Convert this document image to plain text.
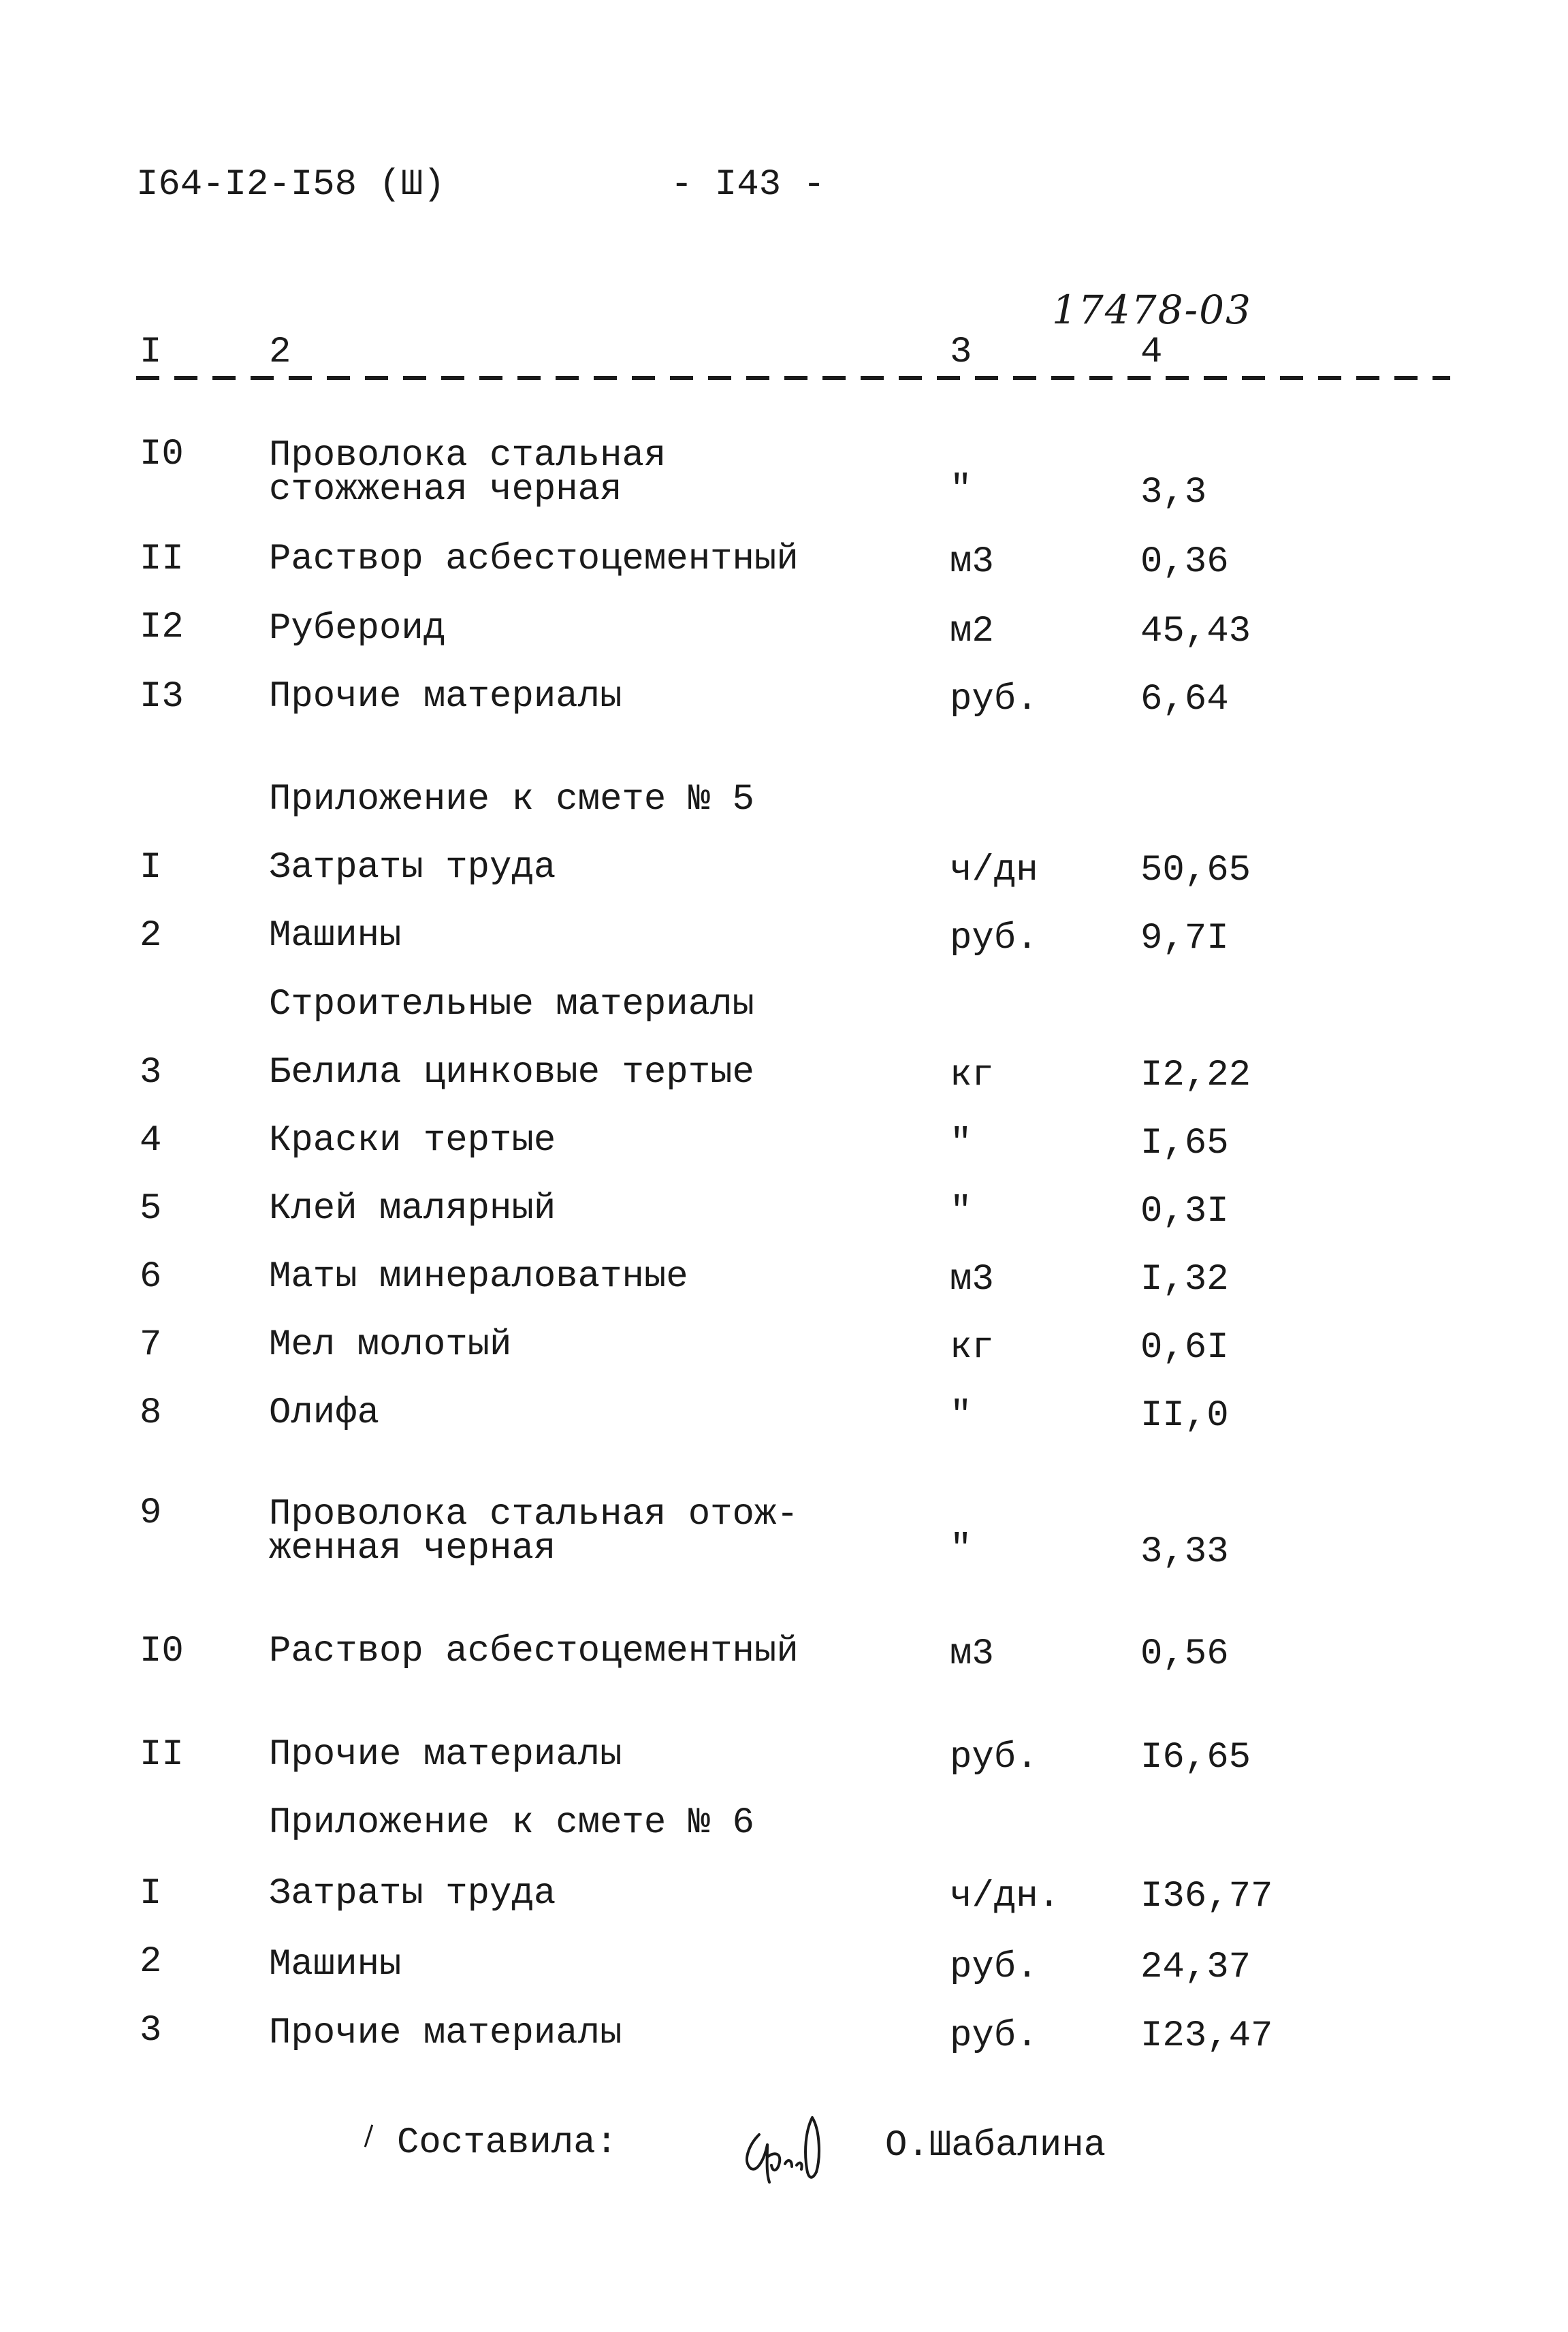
I64-I2-I58 (Ш)	- I43 -
17478-03
I	2	3	4
I0 Проволока стальная
стожженая черная	"	3,3
II Раствор асбестоцементный	м3	0,36
I2 Рубероид	м2	45,43
I3 Прочие материалы	руб.	6,64
Приложение к смете № 5
I	Затраты труда	ч/дн	50,65
2	Машины	руб.	9,7I
Строительные материалы
3	Белила цинковые тертые	кг	I2,22
4	Краски тертые	"	I,65
5	Клей малярный	"	0,3I
6	Маты минераловатные	м3	I,32
7	Мел молотый	кг	0,6I
8	Олифа	"	II,0
9	Проволока стальная отож-
женная черная	"	3,33
I0 Раствор асбестоцементный	м3	0,56
II Прочие материалы	руб.	I6,65
Приложение к смете № 6
I	Затраты труда	ч/дн. I36,77
2	Машины	руб.	24,37
3	Прочие материалы	руб.	I23,47
Составила:	О.Шабалина
